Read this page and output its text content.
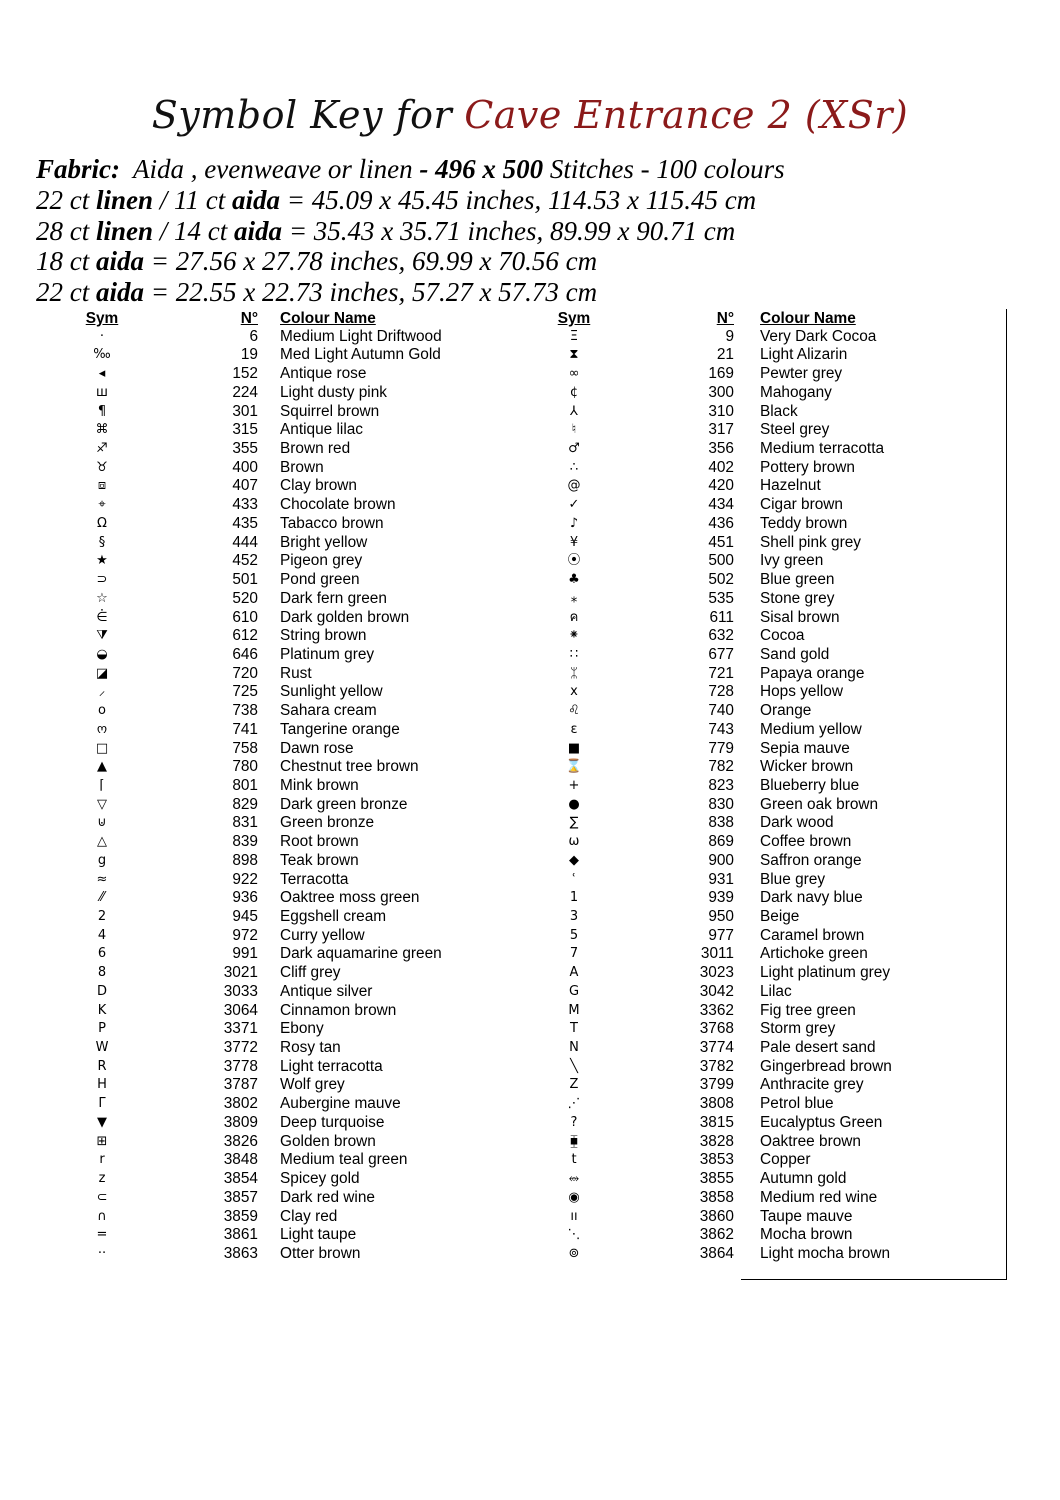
Symbol Key for Cave Entrance 2 (XSr)
Fabric: Aida , evenweave or linen - 496 x 500 Stitches - 100 colours
22 ct linen / 11 ct aida = 45.09 x 45.45 inches, 114.53 x 115.45 cm
28 ct linen / 14 ct aida = 35.43 x 35.71 inches, 89.99 x 90.71 cm
18 ct aida = 27.56 x 27.78 inches, 69.99 x 70.56 cm
22 ct aida = 22.55 x 22.73 inches, 57.27 x 57.73 cm
Sym	N° Colour Name	Sym	N° Colour Name
·	6 Medium Light Driftwood	Ξ	9 Very Dark Cocoa
‰	19 Med Light Autumn Gold	⧗	21 Light Alizarin
◂	152 Antique rose	∞	169 Pewter grey
ш	224 Light dusty pink	¢	300 Mahogany
¶	301 Squirrel brown	⅄	310 Black
⌘	315 Antique lilac	♮	317 Steel grey
♐	355 Brown red	♂	356 Medium terracotta
♉	400 Brown	∴	402 Pottery brown
⧈	407 Clay brown	@	420 Hazelnut
⌖	433 Chocolate brown	✓	434 Cigar brown
Ω	435 Tabacco brown	♪	436 Teddy brown
§	444 Bright yellow	¥	451 Shell pink grey
★	452 Pigeon grey	⦿	500 Ivy green
⊃	501 Pond green	♣	502 Blue green
☆	520 Dark fern green	⁎	535 Stone grey
⋵	610 Dark golden brown	ค	611 Sisal brown
⧩	612 String brown	⁕	632 Cocoa
◒	646 Platinum grey	∷	677 Sand gold
◪	720 Rust	ᛯ	721 Papaya orange
⸝	725 Sunlight yellow	x	728 Hops yellow
o	738 Sahara cream	♌	740 Orange
ო	741 Tangerine orange	ε	743 Medium yellow
□	758 Dawn rose	■	779 Sepia mauve
▲	780 Chestnut tree brown	⌛	782 Wicker brown
⌈	801 Mink brown	+	823 Blueberry blue
▽	829 Dark green bronze	●	830 Green oak brown
⊍	831 Green bronze	∑	838 Dark wood
△	839 Root brown	ω	869 Coffee brown
g	898 Teak brown	◆	900 Saffron orange
≈	922 Terracotta	ʿ	931 Blue grey
⁄⁄	936 Oaktree moss green	1	939 Dark navy blue
2	945 Eggshell cream	3	950 Beige
4	972 Curry yellow	5	977 Caramel brown
6	991 Dark aquamarine green	7	3011 Artichoke green
8	3021 Cliff grey	A	3023 Light platinum grey
D	3033 Antique silver	G	3042 Lilac
K	3064 Cinnamon brown	M	3362 Fig tree green
P	3371 Ebony	T	3768 Storm grey
W	3772 Rosy tan	N	3774 Pale desert sand
R	3778 Light terracotta	╲	3782 Gingerbread brown
H	3787 Wolf grey	Z	3799 Anthracite grey
Γ	3802 Aubergine mauve	⋰	3808 Petrol blue
▼	3809 Deep turquoise	?	3815 Eucalyptus Green
⊞	3826 Golden brown	⧯	3828 Oaktree brown
r	3848 Medium teal green	t	3853 Copper
z	3854 Spicey gold	⥈	3855 Autumn gold
⊂	3857 Dark red wine	◉	3858 Medium red wine
∩	3859 Clay red	ıı	3860 Taupe mauve
=	3861 Light taupe	⋱	3862 Mocha brown
··	3863 Otter brown	⊚	3864 Light mocha brown
